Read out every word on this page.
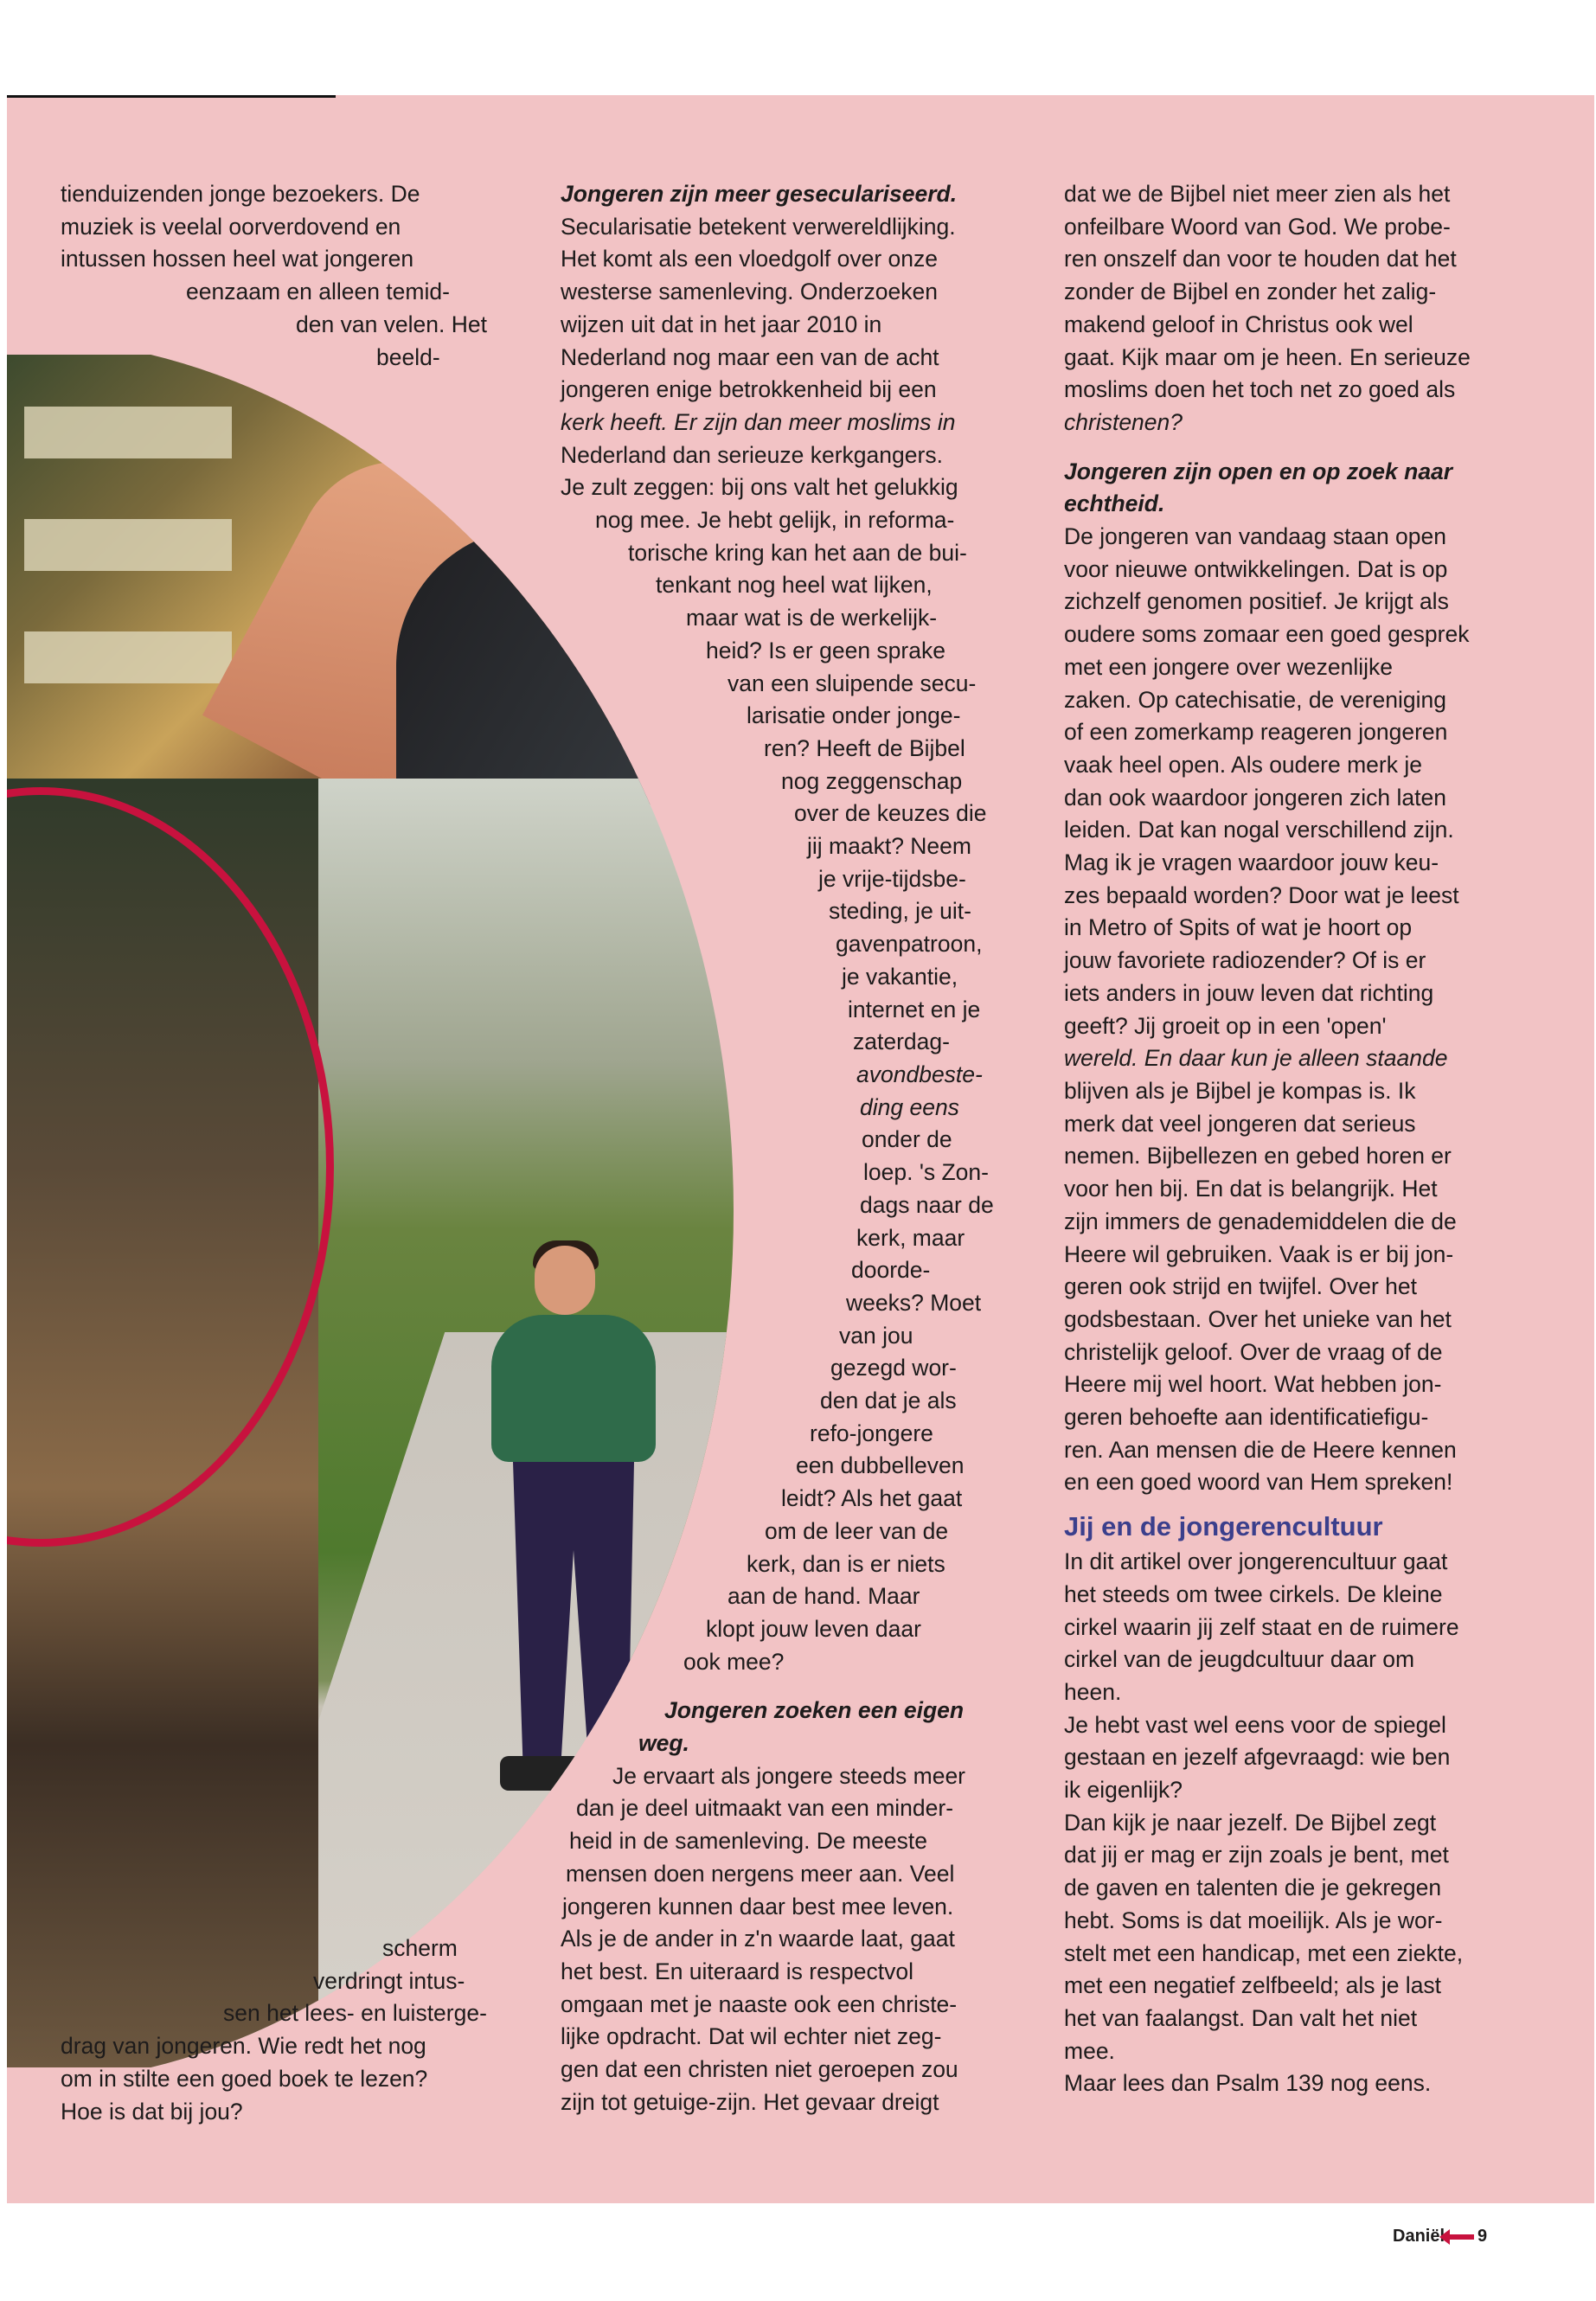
tienduizenden jonge bezoekers. De
muziek is veelal oorverdovend en
intussen hossen heel wat jongeren
eenzaam en alleen temid-
den van velen. Het
beeld-
scherm
verdringt intus-
sen het lees- en luisterge-
drag van jongeren. Wie redt het nog
om in stilte een goed boek te lezen?
Hoe is dat bij jou?
Jongeren zijn meer geseculariseerd.
Secularisatie betekent verwereldlijking.
Het komt als een vloedgolf over onze
westerse samenleving. Onderzoeken
wijzen uit dat in het jaar 2010 in
Nederland nog maar een van de acht
jongeren enige betrokkenheid bij een
kerk heeft. Er zijn dan meer moslims in
Nederland dan serieuze kerkgangers.
Je zult zeggen: bij ons valt het gelukkig
nog mee. Je hebt gelijk, in reforma-
torische kring kan het aan de bui-
tenkant nog heel wat lijken,
maar wat is de werkelijk-
heid? Is er geen sprake
van een sluipende secu-
larisatie onder jonge-
ren? Heeft de Bijbel
nog zeggenschap
over de keuzes die
jij maakt? Neem
je vrije-tijdsbe-
steding, je uit-
gavenpatroon,
je vakantie,
internet en je
zaterdag-
avondbeste-
ding eens
onder de
loep. 's Zon-
dags naar de
kerk, maar
doorde-
weeks? Moet
van jou
gezegd wor-
den dat je als
refo-jongere
een dubbelleven
leidt? Als het gaat
om de leer van de
kerk, dan is er niets
aan de hand. Maar
klopt jouw leven daar
ook mee?
Jongeren zoeken een eigen
weg.
Je ervaart als jongere steeds meer
dan je deel uitmaakt van een minder-
heid in de samenleving. De meeste
mensen doen nergens meer aan. Veel
jongeren kunnen daar best mee leven.
Als je de ander in z'n waarde laat, gaat
het best. En uiteraard is respectvol
omgaan met je naaste ook een christe-
lijke opdracht. Dat wil echter niet zeg-
gen dat een christen niet geroepen zou
zijn tot getuige-zijn. Het gevaar dreigt
dat we de Bijbel niet meer zien als het
onfeilbare Woord van God. We probe-
ren onszelf dan voor te houden dat het
zonder de Bijbel en zonder het zalig-
makend geloof in Christus ook wel
gaat. Kijk maar om je heen. En serieuze
moslims doen het toch net zo goed als
christenen?
Jongeren zijn open en op zoek naar
echtheid.
De jongeren van vandaag staan open
voor nieuwe ontwikkelingen. Dat is op
zichzelf genomen positief. Je krijgt als
oudere soms zomaar een goed gesprek
met een jongere over wezenlijke
zaken. Op catechisatie, de vereniging
of een zomerkamp reageren jongeren
vaak heel open. Als oudere merk je
dan ook waardoor jongeren zich laten
leiden. Dat kan nogal verschillend zijn.
Mag ik je vragen waardoor jouw keu-
zes bepaald worden? Door wat je leest
in Metro of Spits of wat je hoort op
jouw favoriete radiozender? Of is er
iets anders in jouw leven dat richting
geeft? Jij groeit op in een 'open'
wereld. En daar kun je alleen staande
blijven als je Bijbel je kompas is. Ik
merk dat veel jongeren dat serieus
nemen. Bijbellezen en gebed horen er
voor hen bij. En dat is belangrijk. Het
zijn immers de genademiddelen die de
Heere wil gebruiken. Vaak is er bij jon-
geren ook strijd en twijfel. Over het
godsbestaan. Over het unieke van het
christelijk geloof. Over de vraag of de
Heere mij wel hoort. Wat hebben jon-
geren behoefte aan identificatiefigu-
ren. Aan mensen die de Heere kennen
en een goed woord van Hem spreken!
Jij en de jongerencultuur
In dit artikel over jongerencultuur gaat
het steeds om twee cirkels. De kleine
cirkel waarin jij zelf staat en de ruimere
cirkel van de jeugdcultuur daar om
heen.
Je hebt vast wel eens voor de spiegel
gestaan en jezelf afgevraagd: wie ben
ik eigenlijk?
Dan kijk je naar jezelf. De Bijbel zegt
dat jij er mag er zijn zoals je bent, met
de gaven en talenten die je gekregen
hebt. Soms is dat moeilijk. Als je wor-
stelt met een handicap, met een ziekte,
met een negatief zelfbeeld; als je last
het van faalangst. Dan valt het niet
mee.
Maar lees dan Psalm 139 nog eens.
Daniël 9
